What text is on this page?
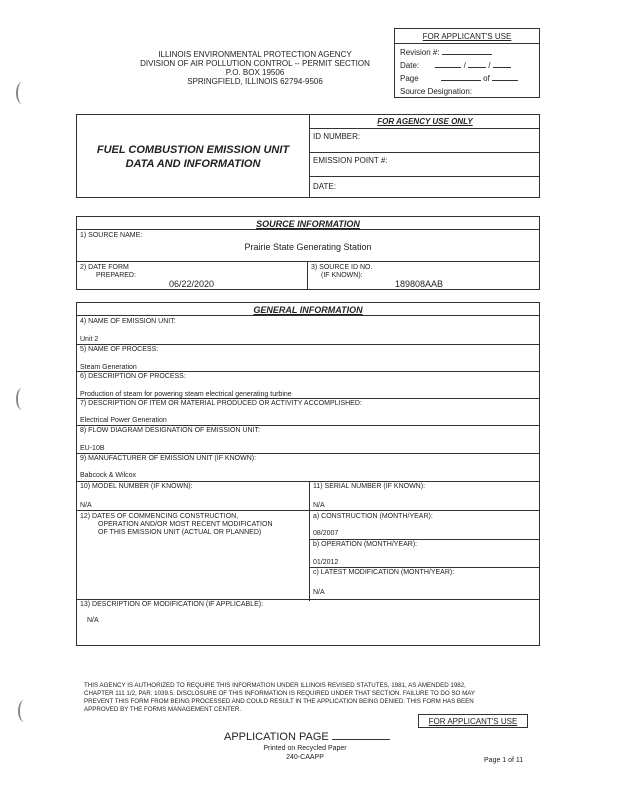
ILLINOIS ENVIRONMENTAL PROTECTION AGENCY
DIVISION OF AIR POLLUTION CONTROL -- PERMIT SECTION
P.O. BOX 19506
SPRINGFIELD, ILLINOIS 62794-9506
FOR APPLICANT'S USE
Revision #:
Date:	/	/
Page	of
Source Designation:
FUEL COMBUSTION EMISSION UNIT
DATA AND INFORMATION
FOR AGENCY USE ONLY
ID NUMBER:
EMISSION POINT #:
DATE:
SOURCE INFORMATION
1) SOURCE NAME:
Prairie State Generating Station
2) DATE FORM
PREPARED:
06/22/2020
3) SOURCE ID NO.
(IF KNOWN):
189808AAB
GENERAL INFORMATION
4) NAME OF EMISSION UNIT:
Unit 2
5) NAME OF PROCESS:
Steam Generation
6) DESCRIPTION OF PROCESS:
Production of steam for powering steam electrical generating turbine
7) DESCRIPTION OF ITEM OR MATERIAL PRODUCED OR ACTIVITY ACCOMPLISHED:
Electrical Power Generation
8) FLOW DIAGRAM DESIGNATION OF EMISSION UNIT:
EU-10B
9) MANUFACTURER OF EMISSION UNIT (IF KNOWN):
Babcock & Wilcox
10) MODEL NUMBER (IF KNOWN):
N/A
11) SERIAL NUMBER (IF KNOWN):
N/A
12) DATES OF COMMENCING CONSTRUCTION,
OPERATION AND/OR MOST RECENT MODIFICATION
OF THIS EMISSION UNIT (ACTUAL OR PLANNED)
a) CONSTRUCTION (MONTH/YEAR):
08/2007
b) OPERATION (MONTH/YEAR):
01/2012
c) LATEST MODIFICATION (MONTH/YEAR):
N/A
13) DESCRIPTION OF MODIFICATION (IF APPLICABLE):
N/A
THIS AGENCY IS AUTHORIZED TO REQUIRE THIS INFORMATION UNDER ILLINOIS REVISED STATUTES, 1981, AS AMENDED 1982,
CHAPTER 111 1/2, PAR. 1039.5. DISCLOSURE OF THIS INFORMATION IS REQUIRED UNDER THAT SECTION. FAILURE TO DO SO MAY
PREVENT THIS FORM FROM BEING PROCESSED AND COULD RESULT IN THE APPLICATION BEING DENIED. THIS FORM HAS BEEN
APPROVED BY THE FORMS MANAGEMENT CENTER.
FOR APPLICANT'S USE
APPLICATION PAGE
Printed on Recycled Paper
240-CAAPP	Page 1 of 11
